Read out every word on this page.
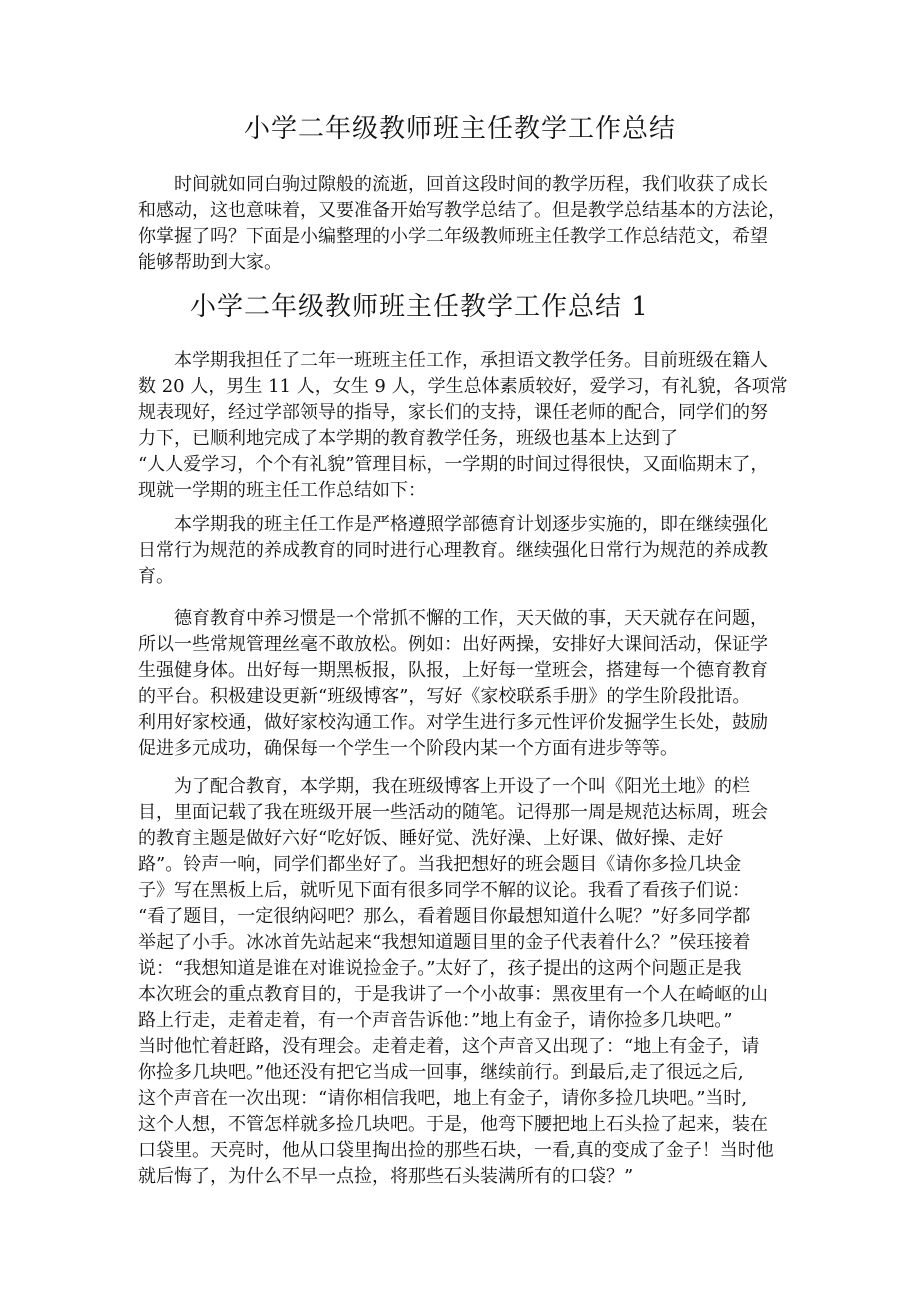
小学二年级教师班主任教学工作总结
　　时间就如同白驹过隙般的流逝，回首这段时间的教学历程，我们收获了成长
和感动，这也意味着，又要准备开始写教学总结了。但是教学总结基本的方法论，
你掌握了吗？下面是小编整理的小学二年级教师班主任教学工作总结范文，希望
能够帮助到大家。
小学二年级教师班主任教学工作总结 1
　　本学期我担任了二年一班班主任工作，承担语文教学任务。目前班级在籍人
数 20 人，男生 11 人，女生 9 人，学生总体素质较好，爱学习，有礼貌，各项常
规表现好，经过学部领导的指导，家长们的支持，课任老师的配合，同学们的努
力下，已顺利地完成了本学期的教育教学任务，班级也基本上达到了
“人人爱学习，个个有礼貌”管理目标，一学期的时间过得很快，又面临期末了，
现就一学期的班主任工作总结如下：
　　本学期我的班主任工作是严格遵照学部德育计划逐步实施的，即在继续强化
日常行为规范的养成教育的同时进行心理教育。继续强化日常行为规范的养成教
育。
　　德育教育中养习惯是一个常抓不懈的工作，天天做的事，天天就存在问题，
所以一些常规管理丝毫不敢放松。例如：出好两操，安排好大课间活动，保证学
生强健身体。出好每一期黑板报，队报，上好每一堂班会，搭建每一个德育教育
的平台。积极建设更新“班级博客”，写好《家校联系手册》的学生阶段批语。
利用好家校通，做好家校沟通工作。对学生进行多元性评价发掘学生长处，鼓励
促进多元成功，确保每一个学生一个阶段内某一个方面有进步等等。
　　为了配合教育，本学期，我在班级博客上开设了一个叫《阳光土地》的栏
目，里面记载了我在班级开展一些活动的随笔。记得那一周是规范达标周，班会
的教育主题是做好六好“吃好饭、睡好觉、洗好澡、上好课、做好操、走好
路”。铃声一响，同学们都坐好了。当我把想好的班会题目《请你多捡几块金
子》写在黑板上后，就听见下面有很多同学不解的议论。我看了看孩子们说：
“看了题目，一定很纳闷吧？那么，看着题目你最想知道什么呢？”好多同学都
举起了小手。冰冰首先站起来“我想知道题目里的金子代表着什么？”侯珏接着
说：“我想知道是谁在对谁说捡金子。”太好了，孩子提出的这两个问题正是我
本次班会的重点教育目的，于是我讲了一个小故事：黑夜里有一个人在崎岖的山
路上行走，走着走着，有一个声音告诉他：”地上有金子，请你捡多几块吧。”
当时他忙着赶路，没有理会。走着走着，这个声音又出现了：“地上有金子，请
你捡多几块吧。”他还没有把它当成一回事，继续前行。到最后,走了很远之后,
这个声音在一次出现：“请你相信我吧，地上有金子，请你多捡几块吧。”当时,
这个人想，不管怎样就多捡几块吧。于是，他弯下腰把地上石头捡了起来，装在
口袋里。天亮时，他从口袋里掏出捡的那些石块，一看,真的变成了金子！当时他
就后悔了，为什么不早一点捡，将那些石头装满所有的口袋？”
